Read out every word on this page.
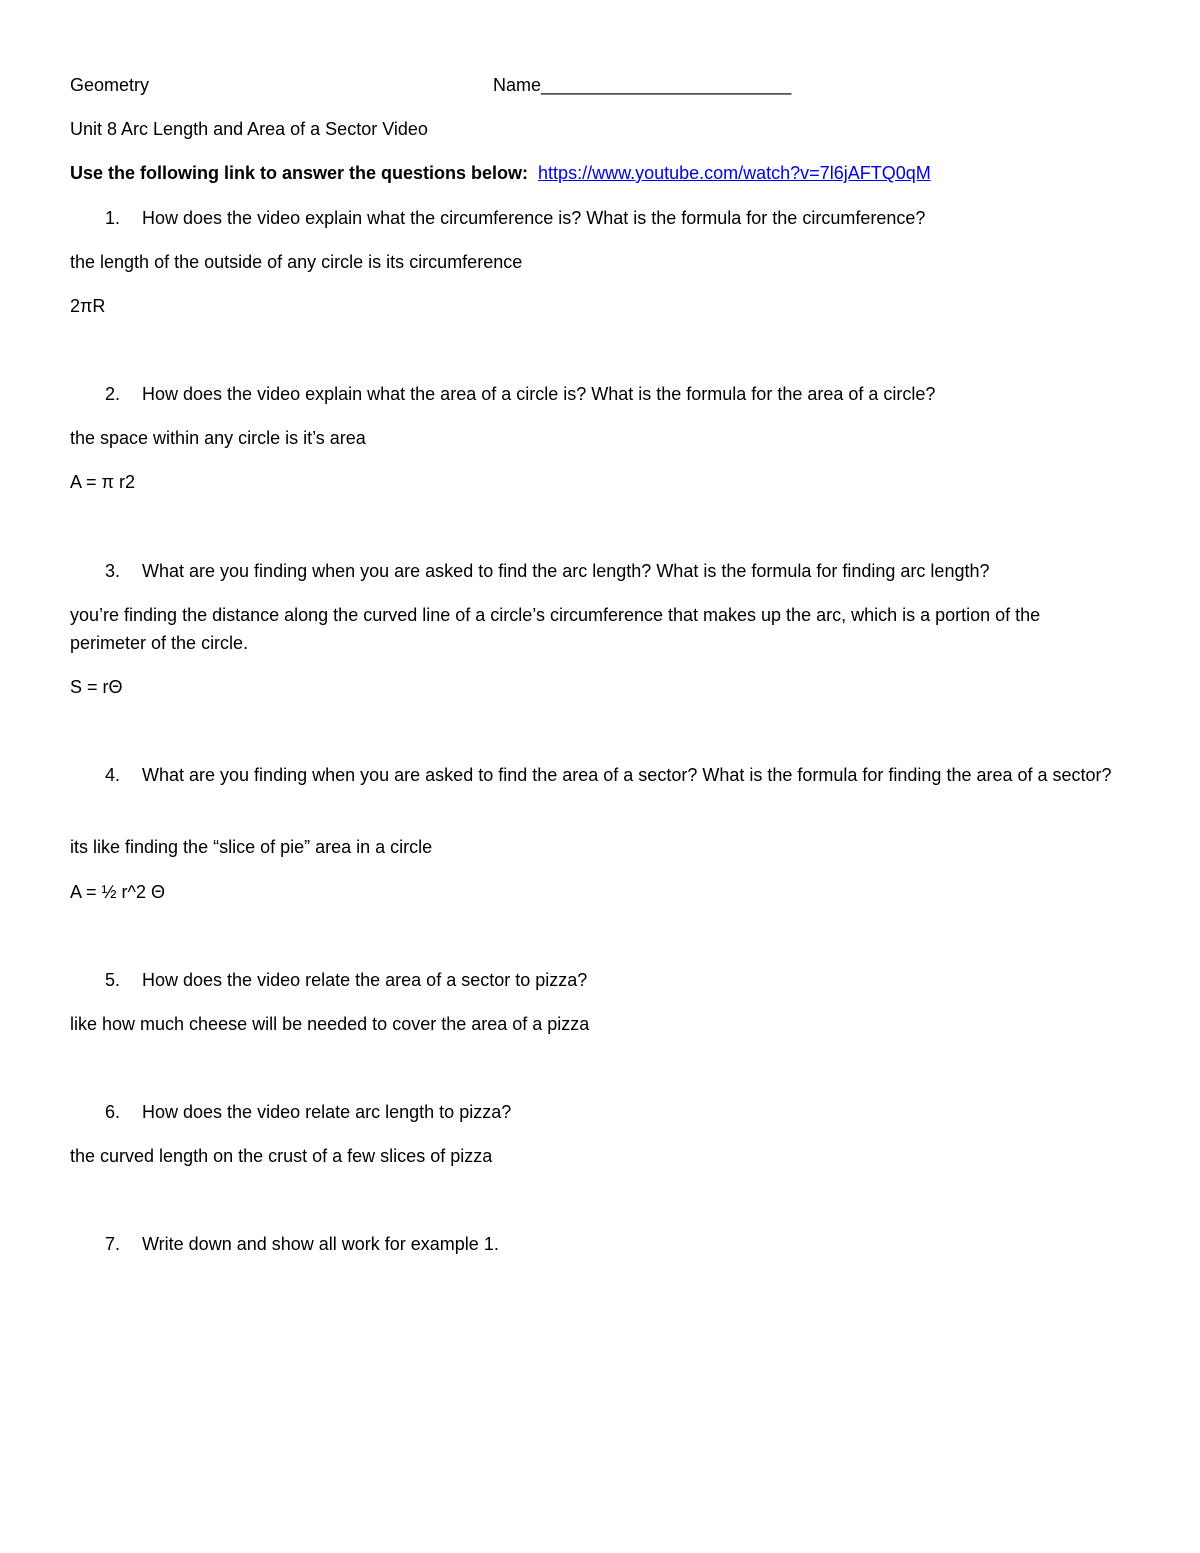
Geometry	Name_________________________
Unit 8 Arc Length and Area of a Sector Video
Use the following link to answer the questions below: https://www.youtube.com/watch?v=7l6jAFTQ0qM
1. How does the video explain what the circumference is? What is the formula for the circumference?
the length of the outside of any circle is its circumference
2πR
2. How does the video explain what the area of a circle is? What is the formula for the area of a circle?
the space within any circle is it’s area
A = π r2
3. What are you finding when you are asked to find the arc length? What is the formula for finding arc length?
you’re finding the distance along the curved line of a circle’s circumference that makes up the arc, which is a portion of the perimeter of the circle.
S = rΘ
4. What are you finding when you are asked to find the area of a sector? What is the formula for finding the area of a sector?
its like finding the “slice of pie” area in a circle
A = ½ r^2 Θ
5. How does the video relate the area of a sector to pizza?
like how much cheese will be needed to cover the area of a pizza
6. How does the video relate arc length to pizza?
the curved length on the crust of a few slices of pizza
7. Write down and show all work for example 1.
